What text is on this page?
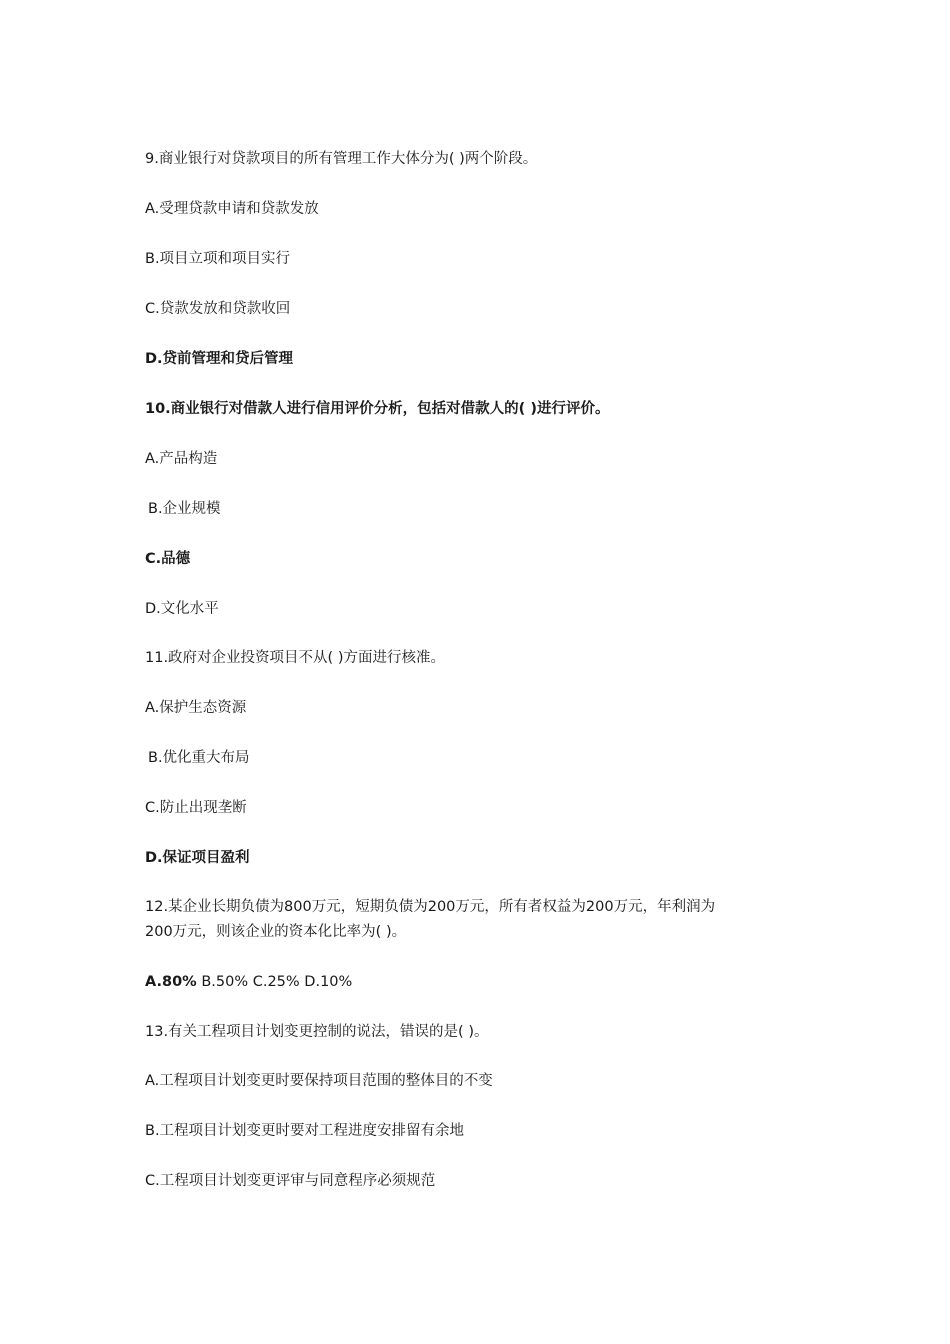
9.商业银行对贷款项目的所有管理工作大体分为( )两个阶段。
A.受理贷款申请和贷款发放
B.项目立项和项目实行
C.贷款发放和贷款收回
D.贷前管理和贷后管理
10.商业银行对借款人进行信用评价分析，包括对借款人的( )进行评价。
A.产品构造
B.企业规模
C.品德
D.文化水平
11.政府对企业投资项目不从( )方面进行核准。
A.保护生态资源
B.优化重大布局
C.防止出现垄断
D.保证项目盈利
12.某企业长期负债为800万元，短期负债为200万元，所有者权益为200万元，年利润为
200万元，则该企业的资本化比率为( )。
A.80% B.50% C.25% D.10%
13.有关工程项目计划变更控制的说法，错误的是( )。
A.工程项目计划变更时要保持项目范围的整体目的不变
B.工程项目计划变更时要对工程进度安排留有余地
C.工程项目计划变更评审与同意程序必须规范
